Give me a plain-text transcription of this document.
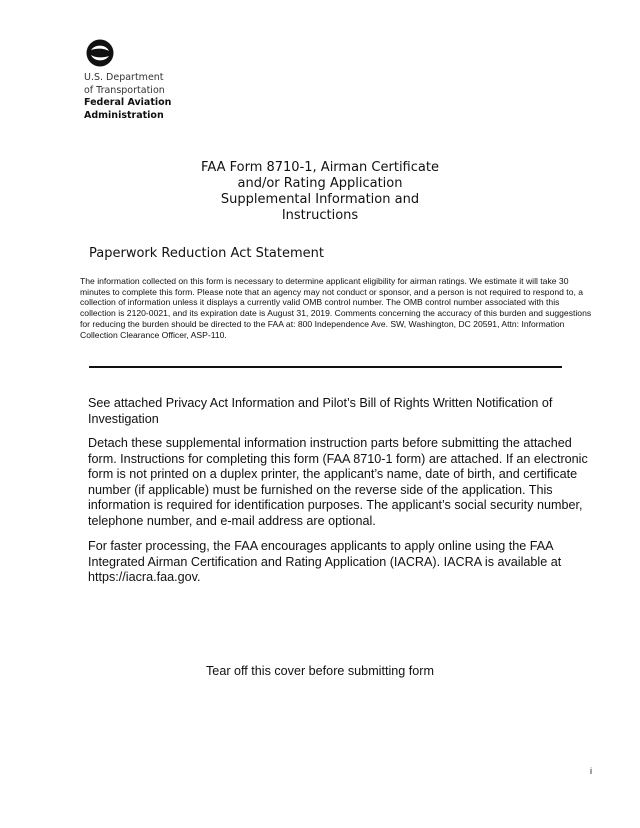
U.S. Department
of Transportation
Federal Aviation
Administration
FAA Form 8710-1, Airman Certificate
and/or Rating Application
Supplemental Information and
Instructions
Paperwork Reduction Act Statement
The information collected on this form is necessary to determine applicant eligibility for airman ratings. We estimate it will take 30
minutes to complete this form. Please note that an agency may not conduct or sponsor, and a person is not required to respond to, a
collection of information unless it displays a currently valid OMB control number. The OMB control number associated with this
collection is 2120-0021, and its expiration date is August 31, 2019. Comments concerning the accuracy of this burden and suggestions
for reducing the burden should be directed to the FAA at: 800 Independence Ave. SW, Washington, DC 20591, Attn: Information
Collection Clearance Officer, ASP-110.
See attached Privacy Act Information and Pilot’s Bill of Rights Written Notification of
Investigation
Detach these supplemental information instruction parts before submitting the attached
form. Instructions for completing this form (FAA 8710-1 form) are attached. If an electronic
form is not printed on a duplex printer, the applicant’s name, date of birth, and certificate
number (if applicable) must be furnished on the reverse side of the application. This
information is required for identification purposes. The applicant’s social security number,
telephone number, and e-mail address are optional.
For faster processing, the FAA encourages applicants to apply online using the FAA
Integrated Airman Certification and Rating Application (IACRA). IACRA is available at
https://iacra.faa.gov.
Tear off this cover before submitting form
i
